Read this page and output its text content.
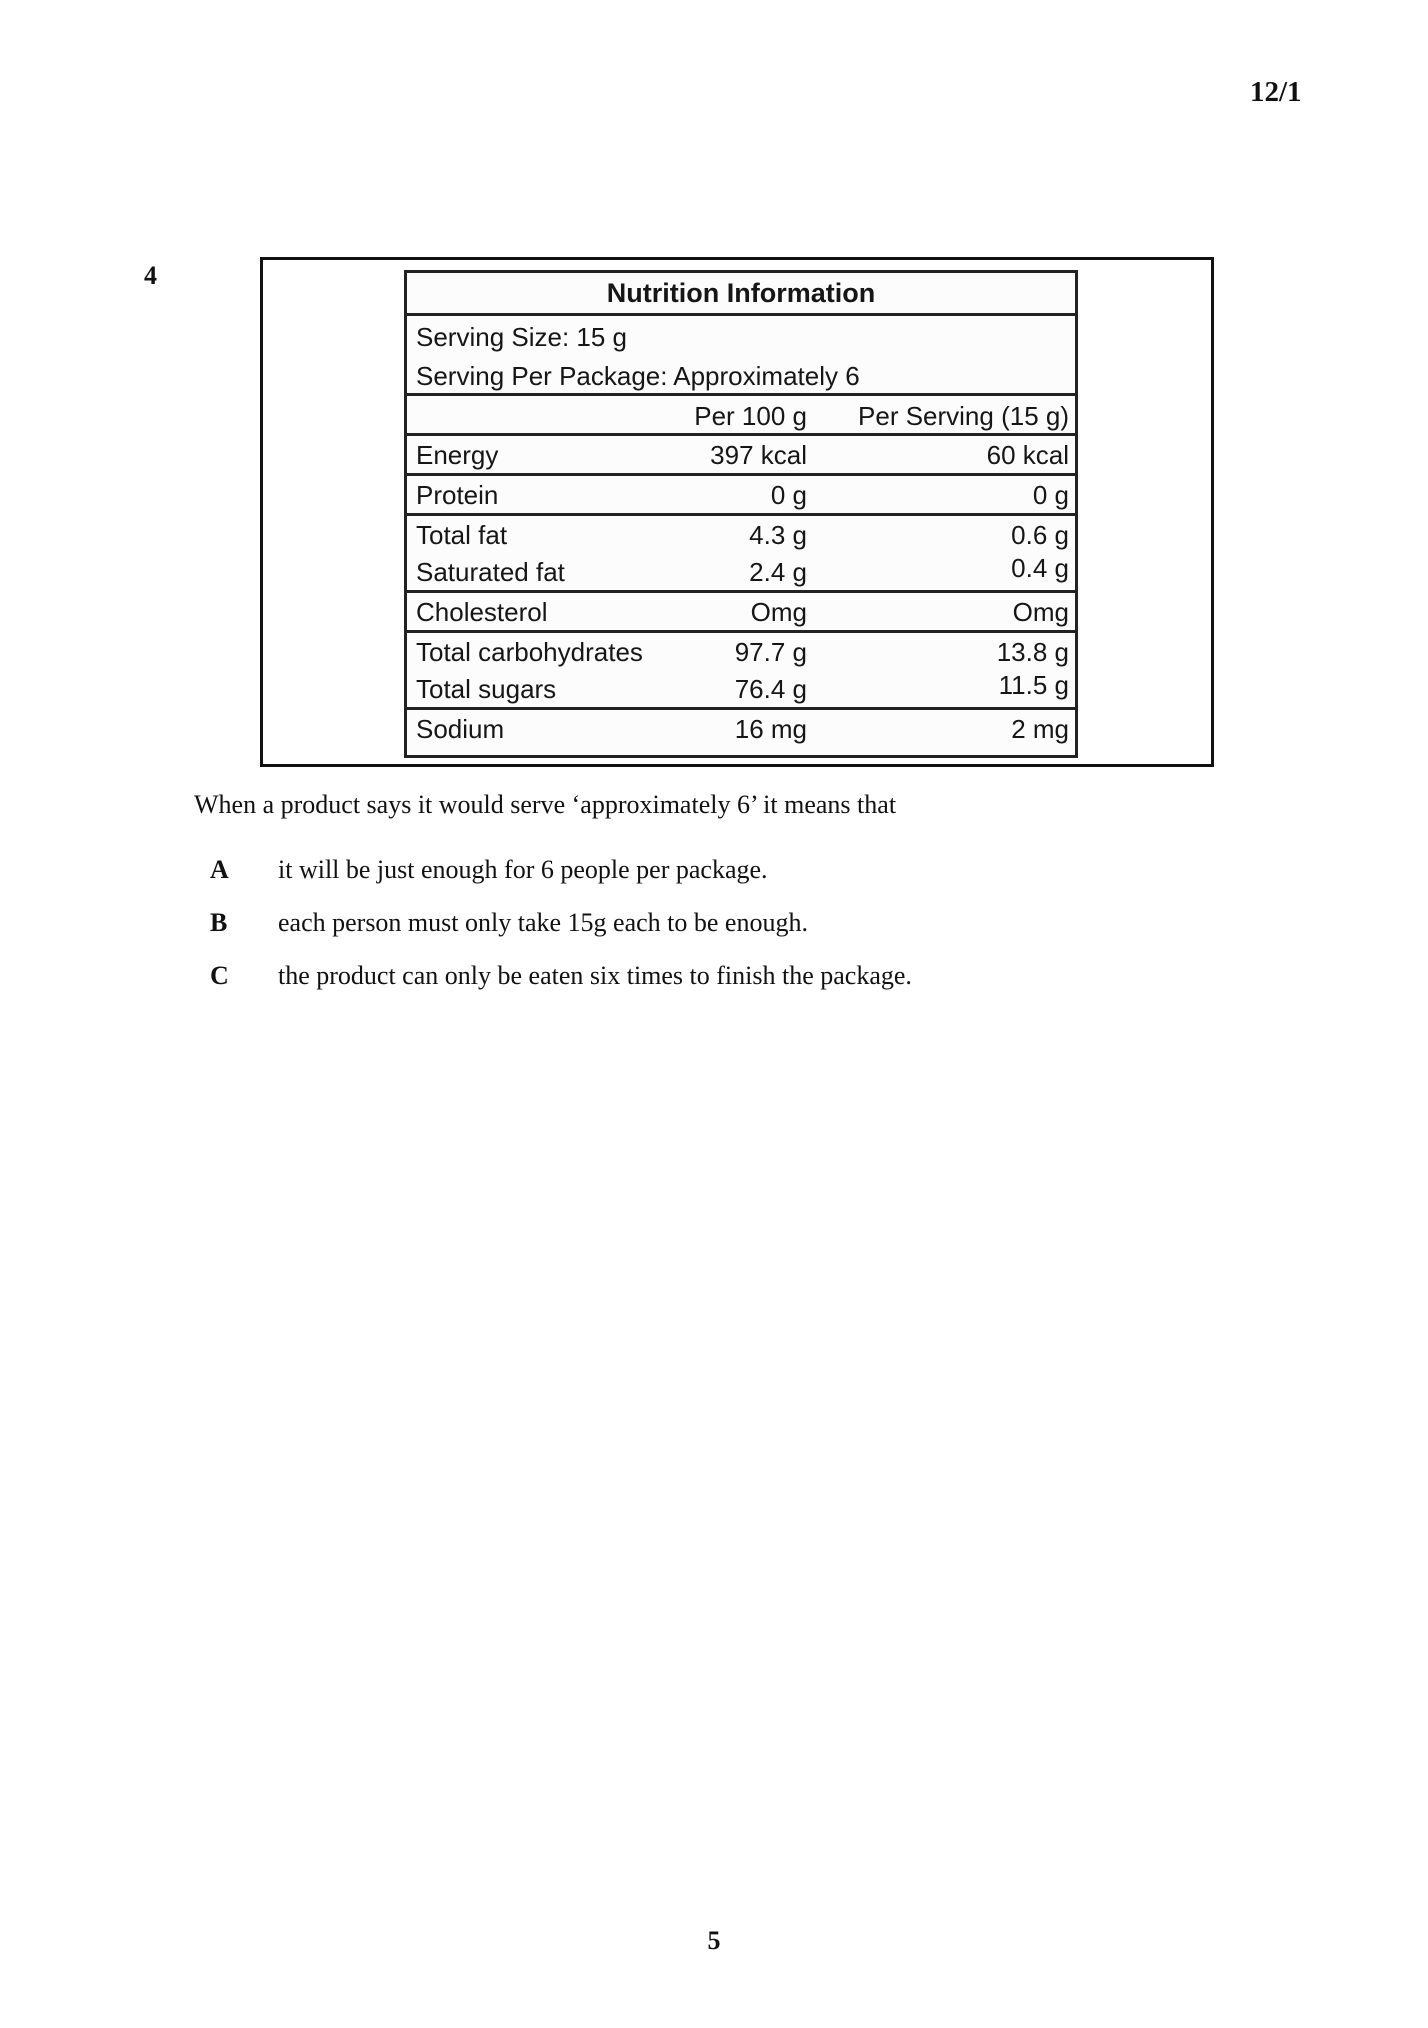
12/1
4
Nutrition Information
Serving Size: 15 g
Serving Per Package: Approximately 6
Per 100 g Per Serving (15 g)
Energy	397 kcal	60 kcal
Protein	0 g	0 g
Total fat	4.3 g	0.6 g
Saturated fat	2.4 g	0.4 g
Cholesterol	Omg	Omg
Total carbohydrates	97.7 g	13.8 g
Total sugars	76.4 g	11.5 g
Sodium	16 mg	2 mg
When a product says it would serve ‘approximately 6’ it means that
A it will be just enough for 6 people per package.
B each person must only take 15g each to be enough.
C the product can only be eaten six times to finish the package.
5
